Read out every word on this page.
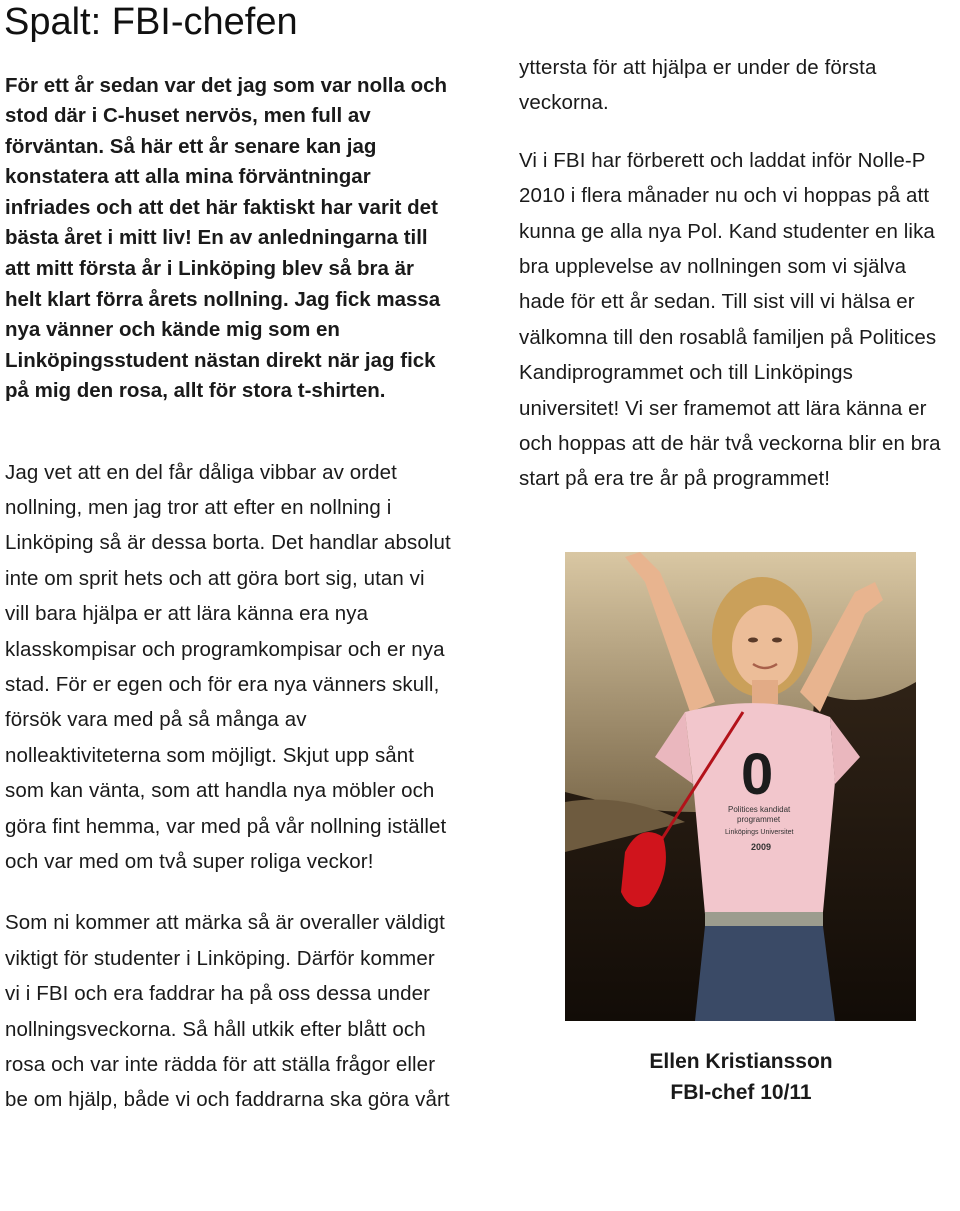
Spalt: FBI-chefen

För ett år sedan var det jag som var nolla och stod där i C-huset nervös, men full av förväntan. Så här ett år senare kan jag konstatera att alla mina förväntningar infriades och att det här faktiskt har varit det bästa året i mitt liv! En av anledningarna till att mitt första år i Linköping blev så bra är helt klart förra årets nollning. Jag fick massa nya vänner och kände mig som en Linköpingsstudent nästan direkt när jag fick på mig den rosa, allt för stora t-shirten.

Jag vet att en del får dåliga vibbar av ordet nollning, men jag tror att efter en nollning i Linköping så är dessa borta. Det handlar absolut inte om sprit hets och att göra bort sig, utan vi vill bara hjälpa er att lära känna era nya klasskompisar och programkompisar och er nya stad. För er egen och för era nya vänners skull, försök vara med på så många av nolleaktiviteterna som möjligt. Skjut upp sånt som kan vänta, som att handla nya möbler och göra fint hemma, var med på vår nollning istället och var med om två super roliga veckor!

Som ni kommer att märka så är overaller väldigt viktigt för studenter i Linköping. Därför kommer vi i FBI och era faddrar ha på oss dessa under nollningsveckorna. Så håll utkik efter blått och rosa och var inte rädda för att ställa frågor eller be om hjälp, både vi och faddrarna ska göra vårt

yttersta för att hjälpa er under de första veckorna.

Vi i FBI har förberett och laddat inför Nolle-P 2010 i flera månader nu och vi hoppas på att kunna ge alla nya Pol. Kand studenter en lika bra upplevelse av nollningen som vi själva hade för ett år sedan. Till sist vill vi hälsa er välkomna till den rosablå familjen på Politices Kandiprogrammet och till Linköpings universitet! Vi ser framemot att lära känna er och hoppas att de här två veckorna blir en bra start på era tre år på programmet!

0
Politices kandidat
programmet
Linköpings Universitet
2009
Ellen Kristiansson
FBI-chef 10/11
